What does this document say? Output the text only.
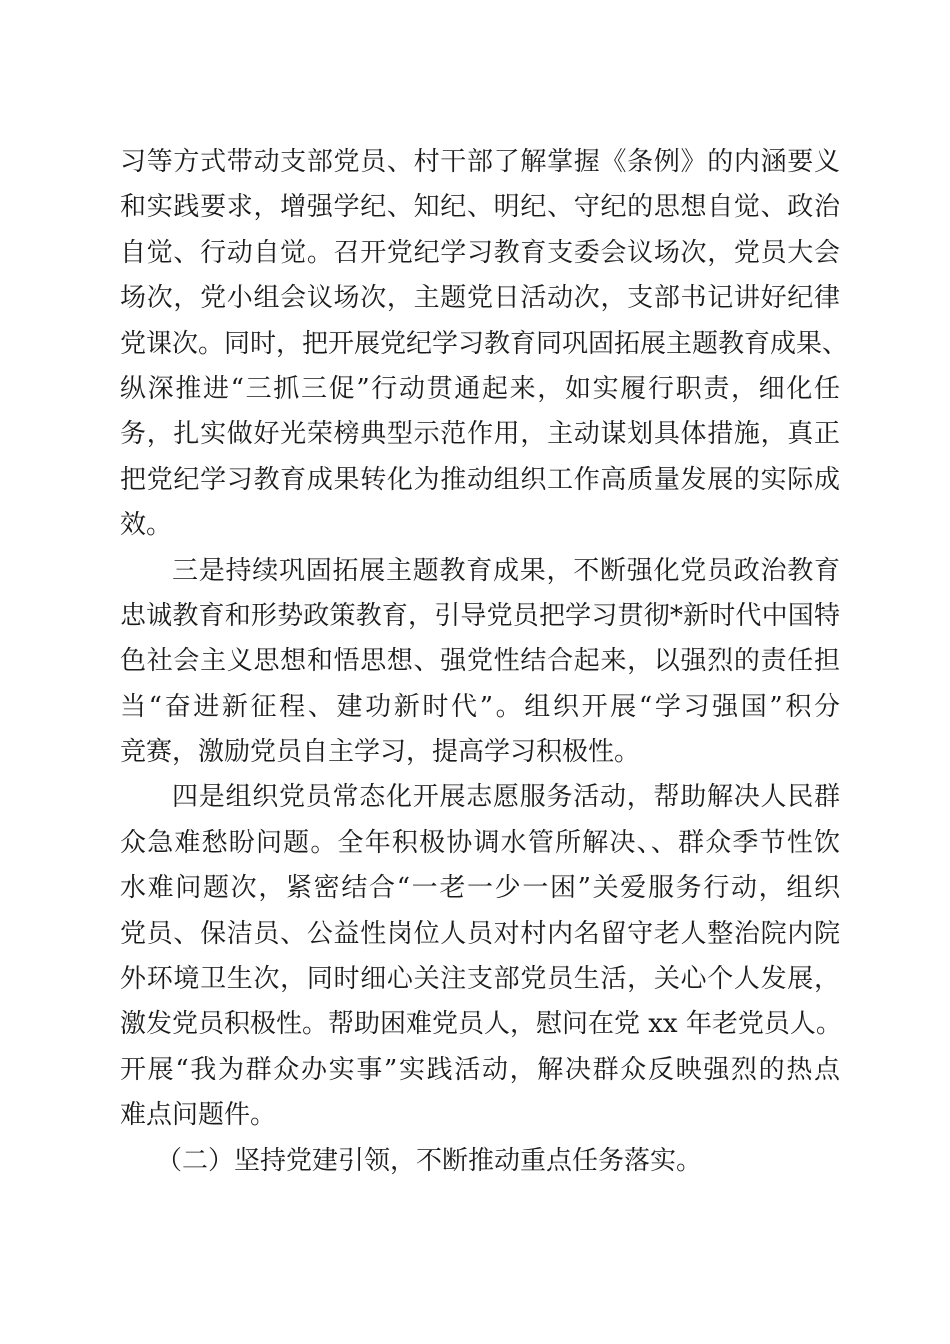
习等方式带动支部党员、村干部了解掌握《条例》的内涵要义
和实践要求，增强学纪、知纪、明纪、守纪的思想自觉、政治
自觉、行动自觉。召开党纪学习教育支委会议场次，党员大会
场次，党小组会议场次，主题党日活动次，支部书记讲好纪律
党课次。同时，把开展党纪学习教育同巩固拓展主题教育成果、
纵深推进“三抓三促”行动贯通起来，如实履行职责，细化任
务，扎实做好光荣榜典型示范作用，主动谋划具体措施，真正
把党纪学习教育成果转化为推动组织工作高质量发展的实际成
效。
三是持续巩固拓展主题教育成果，不断强化党员政治教育
忠诚教育和形势政策教育，引导党员把学习贯彻*新时代中国特
色社会主义思想和悟思想、强党性结合起来，以强烈的责任担
当“奋进新征程、建功新时代”。组织开展“学习强国”积分
竞赛，激励党员自主学习，提高学习积极性。
四是组织党员常态化开展志愿服务活动，帮助解决人民群
众急难愁盼问题。全年积极协调水管所解决、、群众季节性饮
水难问题次，紧密结合“一老一少一困”关爱服务行动，组织
党员、保洁员、公益性岗位人员对村内名留守老人整治院内院
外环境卫生次，同时细心关注支部党员生活，关心个人发展，
激发党员积极性。帮助困难党员人，慰问在党 xx 年老党员人。
开展“我为群众办实事”实践活动，解决群众反映强烈的热点
难点问题件。
（二）坚持党建引领，不断推动重点任务落实。
